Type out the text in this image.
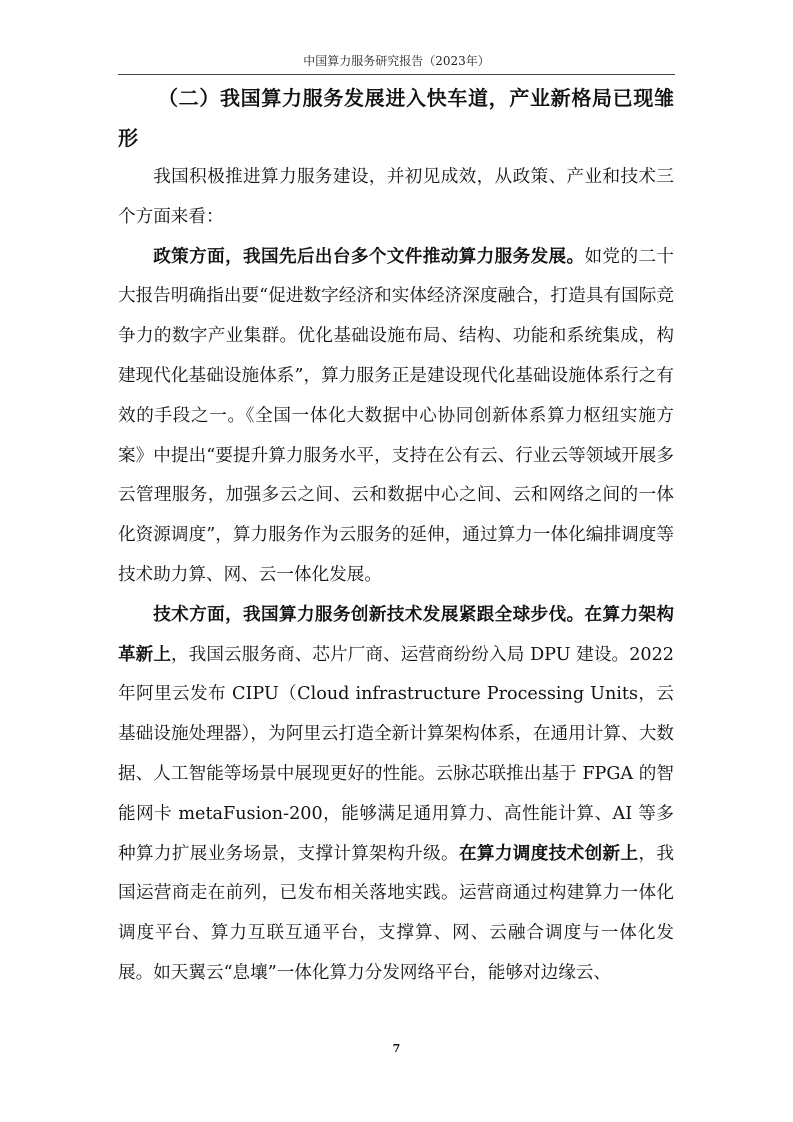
中国算力服务研究报告（2023年）
（二）我国算力服务发展进入快车道，产业新格局已现雏形

我国积极推进算力服务建设，并初见成效，从政策、产业和技术三个方面来看：

政策方面，我国先后出台多个文件推动算力服务发展。如党的二十大报告明确指出要“促进数字经济和实体经济深度融合，打造具有国际竞争力的数字产业集群。优化基础设施布局、结构、功能和系统集成，构建现代化基础设施体系”，算力服务正是建设现代化基础设施体系行之有效的手段之一。《全国一体化大数据中心协同创新体系算力枢纽实施方案》中提出“要提升算力服务水平，支持在公有云、行业云等领域开展多云管理服务，加强多云之间、云和数据中心之间、云和网络之间的一体化资源调度”，算力服务作为云服务的延伸，通过算力一体化编排调度等技术助力算、网、云一体化发展。

技术方面，我国算力服务创新技术发展紧跟全球步伐。在算力架构革新上，我国云服务商、芯片厂商、运营商纷纷入局 DPU 建设。2022 年阿里云发布 CIPU（Cloud infrastructure Processing Units，云基础设施处理器），为阿里云打造全新计算架构体系，在通用计算、大数据、人工智能等场景中展现更好的性能。云脉芯联推出基于 FPGA 的智能网卡 metaFusion-200，能够满足通用算力、高性能计算、AI 等多种算力扩展业务场景，支撑计算架构升级。在算力调度技术创新上，我国运营商走在前列，已发布相关落地实践。运营商通过构建算力一体化调度平台、算力互联互通平台，支撑算、网、云融合调度与一体化发展。如天翼云“息壤”一体化算力分发网络平台，能够对边缘云、

7
